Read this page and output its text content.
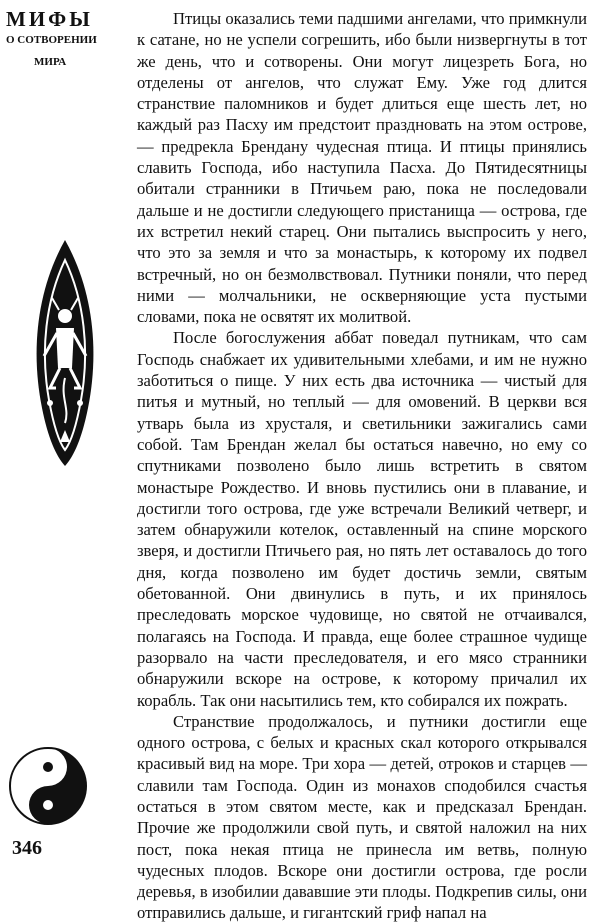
МИФЫ
О СОТВОРЕНИИ
МИРА
346

Птицы оказались теми падшими ангелами, что примкнули к сатане, но не успели согрешить, ибо были низвергнуты в тот же день, что и сотворены. Они могут лицезреть Бога, но отделены от ангелов, что служат Ему. Уже год длится странствие паломников и будет длиться еще шесть лет, но каждый раз Пасху им предстоит праздновать на этом острове, — предрекла Брендану чудесная птица. И птицы принялись славить Господа, ибо наступила Пасха. До Пятидесятницы обитали странники в Птичьем раю, пока не последовали дальше и не достигли следующего пристанища — острова, где их встретил некий старец. Они пытались выспросить у него, что это за земля и что за монастырь, к которому их подвел встречный, но он безмолвствовал. Путники поняли, что перед ними — молчальники, не оскверняющие уста пустыми словами, пока не освятят их молитвой.

После богослужения аббат поведал путникам, что сам Господь снабжает их удивительными хлебами, и им не нужно заботиться о пище. У них есть два источника — чистый для питья и мутный, но теплый — для омовений. В церкви вся утварь была из хрусталя, и светильники зажигались сами собой. Там Брендан желал бы остаться навечно, но ему со спутниками позволено было лишь встретить в святом монастыре Рождество. И вновь пустились они в плавание, и достигли того острова, где уже встречали Великий четверг, и затем обнаружили котелок, оставленный на спине морского зверя, и достигли Птичьего рая, но пять лет оставалось до того дня, когда позволено им будет достичь земли, святым обетованной. Они двинулись в путь, и их принялось преследовать морское чудовище, но святой не отчаивался, полагаясь на Господа. И правда, еще более страшное чудище разорвало на части преследователя, и его мясо странники обнаружили вскоре на острове, к которому причалил их корабль. Так они насытились тем, кто собирался их пожрать.

Странствие продолжалось, и путники достигли еще одного острова, с белых и красных скал которого открывался красивый вид на море. Три хора — детей, отроков и старцев — славили там Господа. Один из монахов сподобился счастья остаться в этом святом месте, как и предсказал Брендан. Прочие же продолжили свой путь, и святой наложил на них пост, пока некая птица не принесла им ветвь, полную чудесных плодов. Вскоре они достигли острова, где росли деревья, в изобилии дававшие эти плоды. Подкрепив силы, они отправились дальше, и гигантский гриф напал на
